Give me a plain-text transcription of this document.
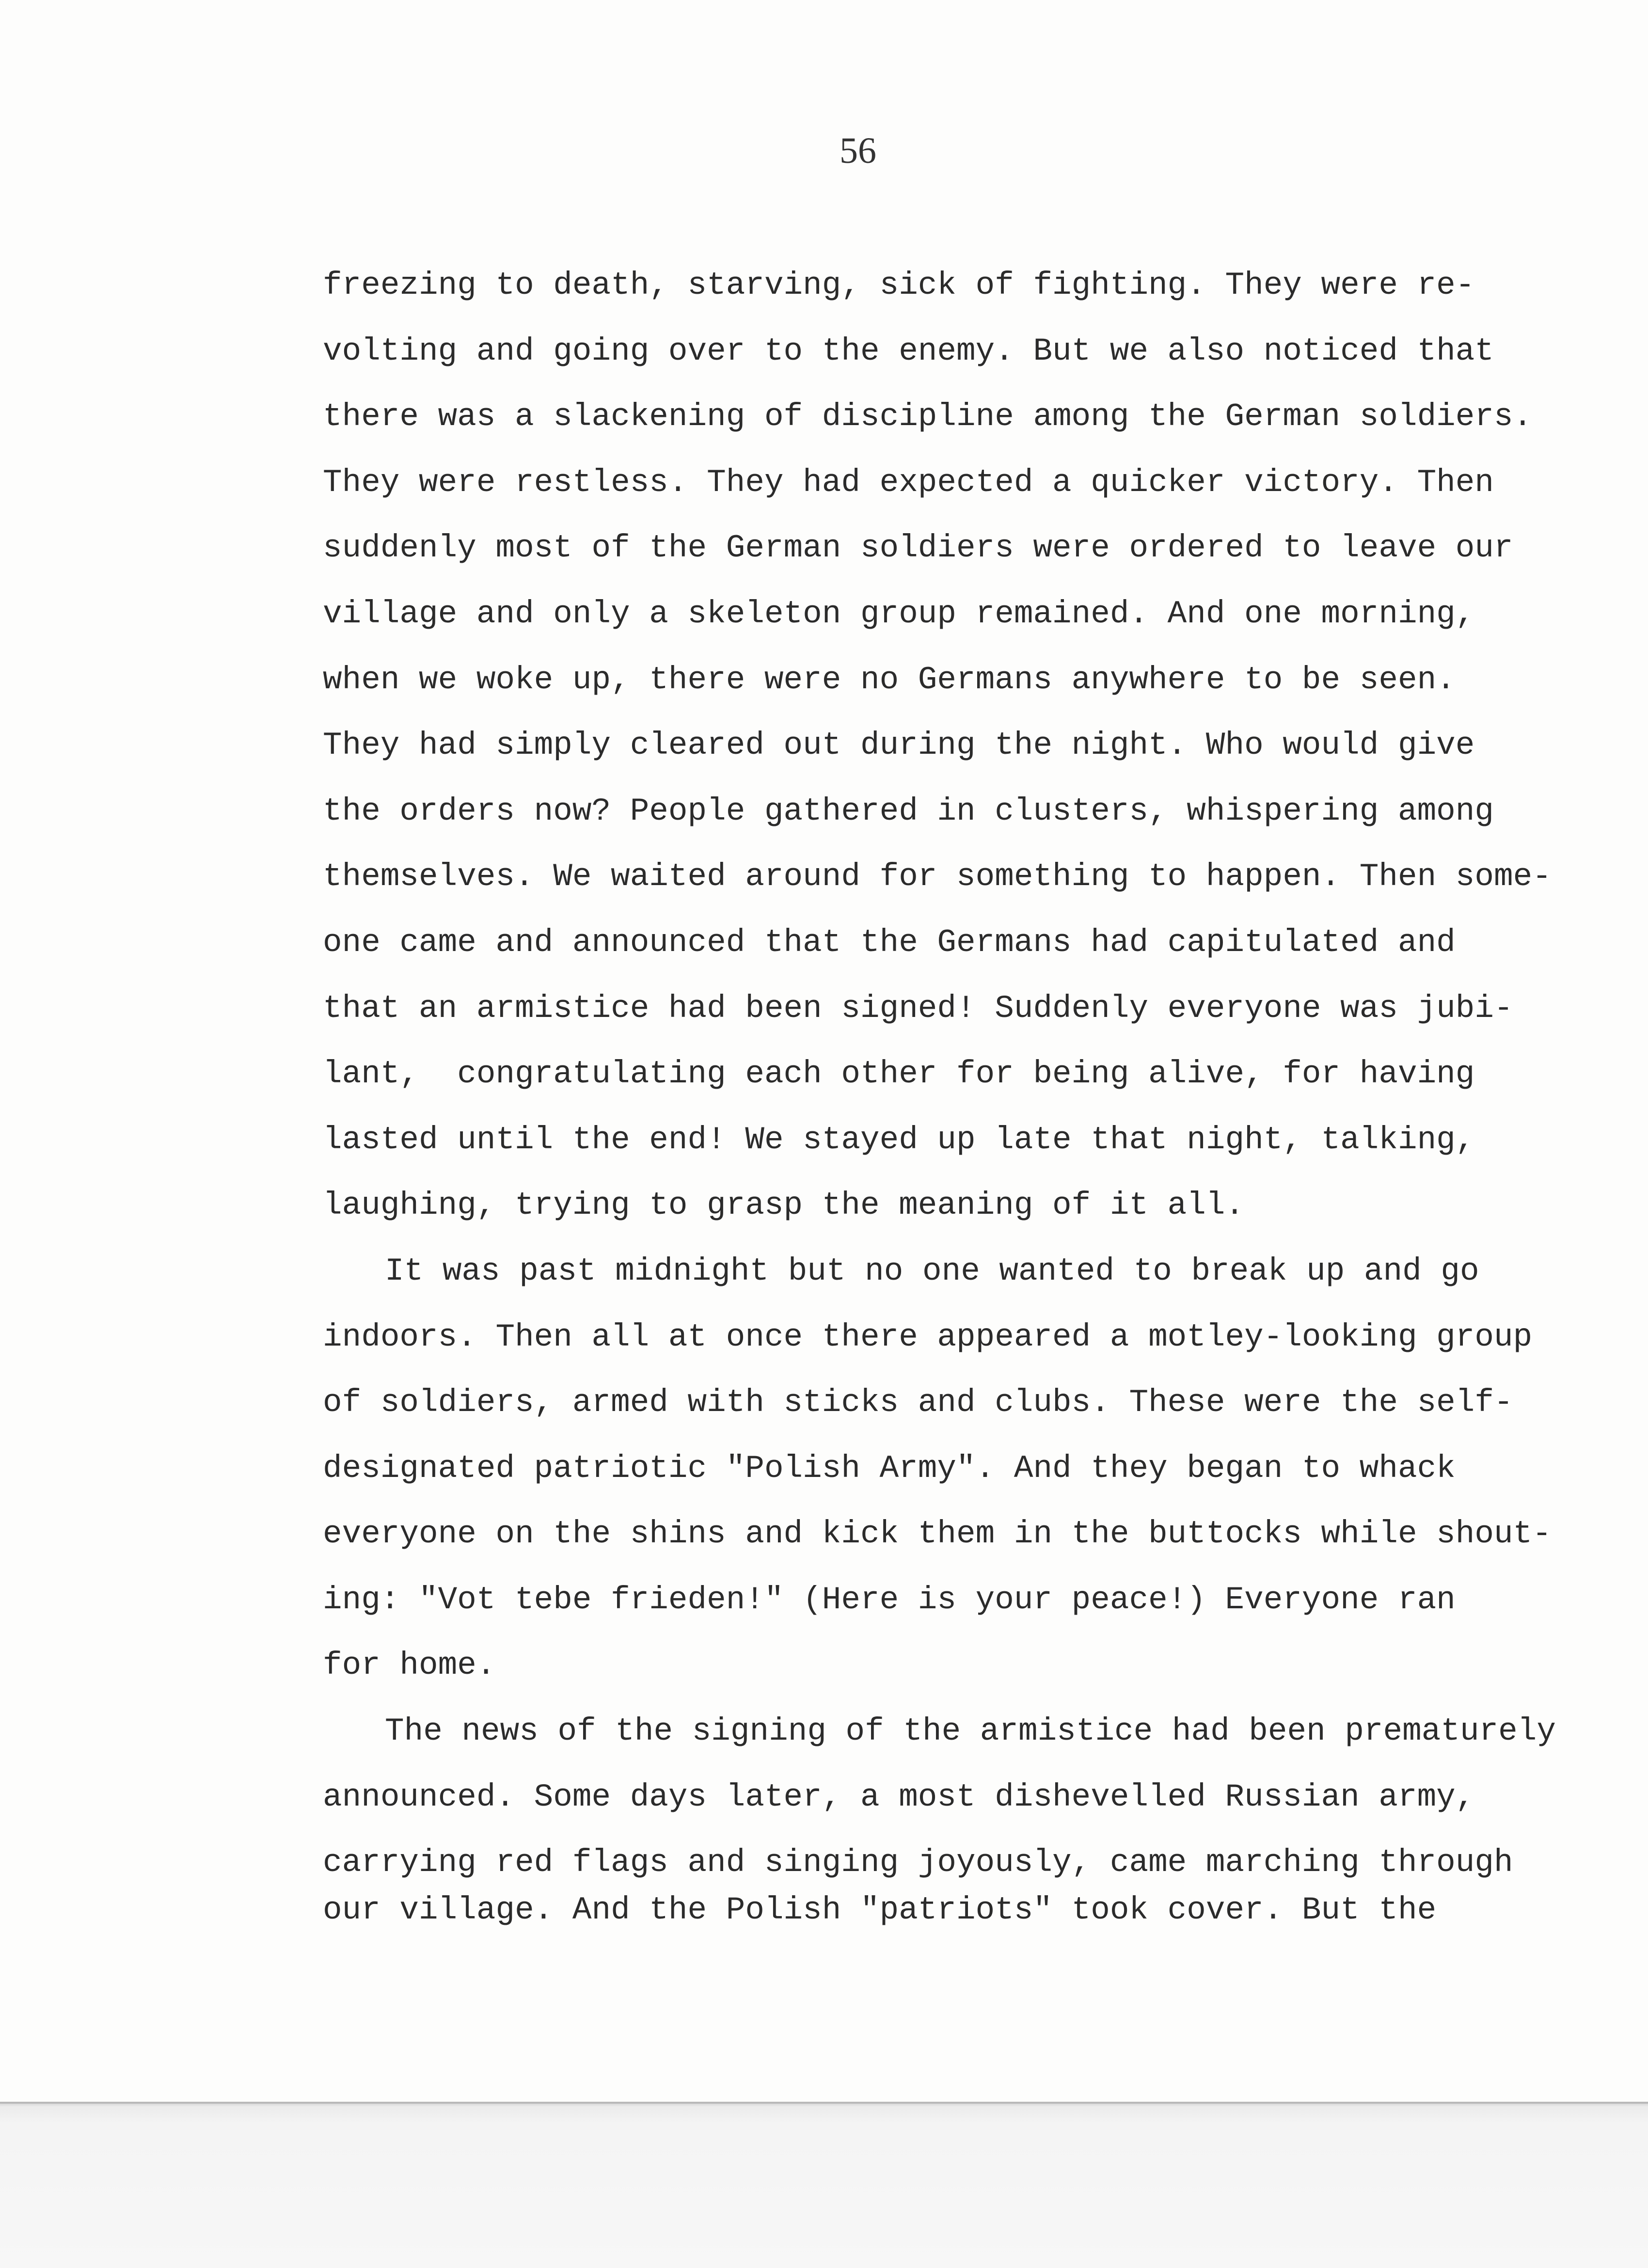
56
freezing to death, starving, sick of fighting. They were re-
volting and going over to the enemy. But we also noticed that
there was a slackening of discipline among the German soldiers.
They were restless. They had expected a quicker victory. Then
suddenly most of the German soldiers were ordered to leave our
village and only a skeleton group remained. And one morning,
when we woke up, there were no Germans anywhere to be seen.
They had simply cleared out during the night. Who would give
the orders now? People gathered in clusters, whispering among
themselves. We waited around for something to happen. Then some-
one came and announced that the Germans had capitulated and
that an armistice had been signed! Suddenly everyone was jubi-
lant,  congratulating each other for being alive, for having
lasted until the end! We stayed up late that night, talking,
laughing, trying to grasp the meaning of it all.
It was past midnight but no one wanted to break up and go
indoors. Then all at once there appeared a motley-looking group
of soldiers, armed with sticks and clubs. These were the self-
designated patriotic "Polish Army". And they began to whack
everyone on the shins and kick them in the buttocks while shout-
ing: "Vot tebe frieden!" (Here is your peace!) Everyone ran
for home.
The news of the signing of the armistice had been prematurely
announced. Some days later, a most dishevelled Russian army,
carrying red flags and singing joyously, came marching through
our village. And the Polish "patriots" took cover. But the
